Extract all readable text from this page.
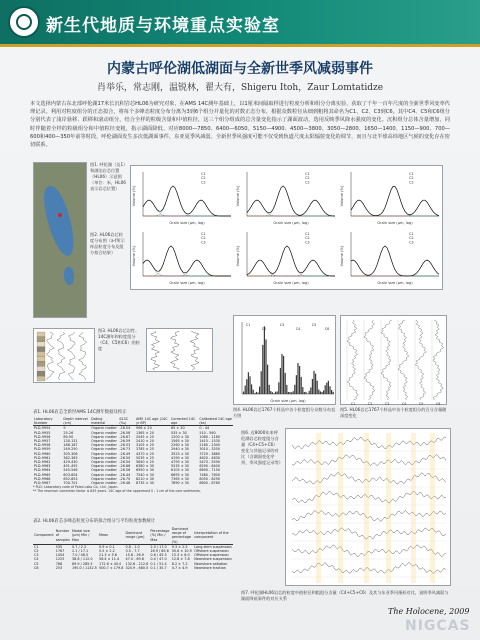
新生代地质与环境重点实验室
内蒙古呼伦湖低湖面与全新世季风减弱事件
肖举乐，常志刚，温锐林，翟大有，Shigeru Itoh，Zaur Lomtatidze
本文选择内蒙古东北部呼伦湖17米长沉积岩芯HL06为研究对象，在AMS 14C测年基础上，以1厘米间隔取样进行粒度分析和组分分离实验，获取了千年一百年尺度的全新世季风变率代理记录。利用对粒度组分的正态拟合，将每个多峰态粒度分布分离为3到6个组分并量化的对数正态分布，根据众数粒径从细到粗将其命名为C1、C2、C3到C6。其中C4、C5和C6组分分别代表了浅岸悬移、跃移和滚动组分，结合全样的粒级含量和中值粒径，这三个组分组成的总含量变化指示了湖面波动，选用反映季风降水强度的变化。沉积组分总体含量增加，同时伴随着全样的粒级组分和中值粒径变粗，指示湖面降低、对应8000—7850、6400—6050、5150—4900、4500—3800、3050—2800、1650—1400、1150—900、700—600和400—350年前等时段，呼伦湖面发生多次低湖面事件，东亚夏季风减弱。全新世季风强度可能不仅受到轨道尺度太阳辐射变化的调节，而且与北半球高纬地区气候的变化存在密切联系。
图1. 呼伦湖（及1）和湖泊岩芯位置（HL06）示意图（单位：米，HL06表示岩芯位置）
Grain size (μm, log)
Volume (%)
C1
C2
C3
Grain size (μm, log)
Volume (%)
C1
C2
C3
Grain size (μm, log)
Volume (%)
C1
C2
C3
Grain size (μm, log)
Volume (%)
C1
C2
C3
Grain size (μm, log)
Volume (%)
C1
C2
C3
Grain size (μm, log)
Volume (%)
C1
C2
C3
图2. HL06岩芯粒度分布图（a-f所示样品粒度分布及组分拟合结果）
图3. HL06岩芯岩性、14C测年和粒度组分（C4、C5和C6）的粒度
Grain size (μm, log)
C1
C2
C3
C4
C5
C6
图4. HL06岩芯1767个样品中各个粒度组分众数分布直方图
C1	C2	C3	C4	C5	C6
图5. HL06岩芯1767个样品中各个粒度组分的百分含量随深度变化
图6. 近8000年来呼伦湖岩芯粒度组分含量（C4+C5+C6）变化与其他记录的对比（含湖面变化序列、季风强度记录等）
图7. 呼伦湖HL06岩芯的粒度中值粒径和粗组分含量（C4+C5+C6）及其与东亚季风指标对比，说明季风减弱与湖面降低事件的对应关系
表1. HL06岩芯全新世AMS 14C测年数据及校正
Laboratory Number	Depth interval (cm)	Dating material	δ13C (‰)	AMS 14C age (14C yr BP)	Corrected 14C age	Calibrated 14C age (ka)
PLD-9954	9	Organic matter	-26.54	906 ± 20	85 ± 30	0 - 44
PLD-9955	25-26	Organic matter	-26.58	1365 ± 20	535 ± 30	510 - 560
PLD-9956	89-90	Organic matter	-26.67	2045 ± 25	1200 ± 30	1060 - 1180
PLD-9957	130-131	Organic matter	-26.59	2410 ± 20	1565 ± 30	1415 - 1530
PLD-9958	186-187	Organic matter	-26.53	3105 ± 25	2260 ± 30	2160 - 2340
PLD-9959	249-250	Organic matter	-26.73	3785 ± 25	2940 ± 30	3010 - 3200
PLD-9960	305-306	Organic matter	-26.49	4370 ± 25	3525 ± 30	3720 - 3880
PLD-9961	362-363	Organic matter	-26.50	5035 ± 25	4190 ± 30	4620 - 4830
PLD-9962	429-430	Organic matter	-26.54	5640 ± 25	4795 ± 30	5470 - 5590
PLD-9963	491-492	Organic matter	-26.66	6380 ± 30	5535 ± 30	6290 - 6400
PLD-9964	545-546	Organic matter	-26.56	6950 ± 30	6105 ± 30	6890 - 7150
PLD-9965	603-604	Organic matter	-26.44	7540 ± 30	6695 ± 30	7480 - 7600
PLD-9966	652-653	Organic matter	-26.70	8210 ± 30	7365 ± 30	8050 - 8290
PLD-9967	700-701	Organic matter	-26.48	8735 ± 30	7890 ± 30	8600 - 8780
* PLD: Laboratory code of Paleo Labo Co., Ltd., Japan.
** The reservoir correction factor is 845 years. 14C age of the uppermost 0 - 1 cm of the core sediments.
表2. HL06岩芯多峰态粒度分布的拟合组分与平均粒度参数统计
Component	Number of samples	Modal size (μm) Min / Max	Mean	Dominant range (μm)	Percentage (%) Min / Max	Dominant range of percentage (%)	Interpretation of the component
C1	535	0.7 / 2.3	0.9 ± 0.1	0.8 - 1.0	2.0 / 17.0	9.3 ± 2.5	Long-term suspension
C2	1767	2.1 / 17.1	5.5 ± 2.2	3.5 - 7.7	16.9 / 85.6	50.6 ± 10.9	Offshore suspension
C3	1454	7.0 / 48.5	21.3 ± 5.6	15.8 - 26.9	0.6 / 45.5	15.3 ± 6.0	Offshore suspension
C4	1225	38.8 / 112.0	58.4 ± 11.4	47.0 - 69.8	0.4 / 47.0	12.8 ± 7.8	Nearshore suspension
C5	768	89.9 / 285.5	172.6 ± 40.0	132.6 - 212.6	0.1 / 51.4	8.2 ± 7.2	Nearshore saltation
C6	253	190.0 / 1132.5	500.7 ± 179.8	320.9 - 680.5	0.1 / 35.7	4.7 ± 4.9	Nearshore traction
The Holocene, 2009
NIGCAS
